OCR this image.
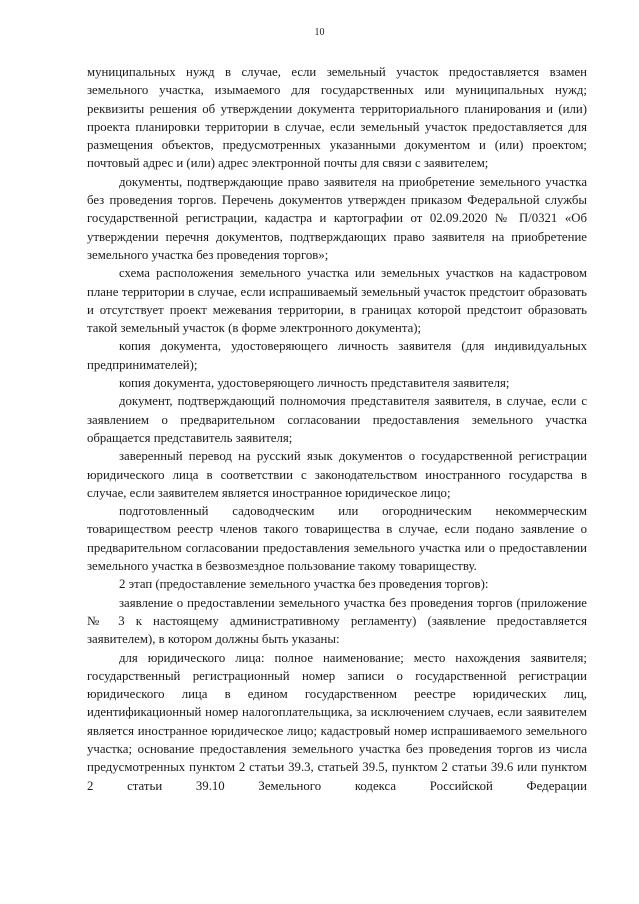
10

муниципальных нужд в случае, если земельный участок предоставляется взамен земельного участка, изымаемого для государственных или муниципальных нужд; реквизиты решения об утверждении документа территориального планирования и (или) проекта планировки территории в случае, если земельный участок предоставляется для размещения объектов, предусмотренных указанными документом и (или) проектом; почтовый адрес и (или) адрес электронной почты для связи с заявителем;

документы, подтверждающие право заявителя на приобретение земельного участка без проведения торгов. Перечень документов утвержден приказом Федеральной службы государственной регистрации, кадастра и картографии от 02.09.2020 № П/0321 «Об утверждении перечня документов, подтверждающих право заявителя на приобретение земельного участка без проведения торгов»;

схема расположения земельного участка или земельных участков на кадастровом плане территории в случае, если испрашиваемый земельный участок предстоит образовать и отсутствует проект межевания территории, в границах которой предстоит образовать такой земельный участок (в форме электронного документа);

копия документа, удостоверяющего личность заявителя (для индивидуальных предпринимателей);

копия документа, удостоверяющего личность представителя заявителя;

документ, подтверждающий полномочия представителя заявителя, в случае, если с заявлением о предварительном согласовании предоставления земельного участка обращается представитель заявителя;

заверенный перевод на русский язык документов о государственной регистрации юридического лица в соответствии с законодательством иностранного государства в случае, если заявителем является иностранное юридическое лицо;

подготовленный садоводческим или огородническим некоммерческим товариществом реестр членов такого товарищества в случае, если подано заявление о предварительном согласовании предоставления земельного участка или о предоставлении земельного участка в безвозмездное пользование такому товариществу.

2 этап (предоставление земельного участка без проведения торгов):

заявление о предоставлении земельного участка без проведения торгов (приложение № 3 к настоящему административному регламенту) (заявление предоставляется заявителем), в котором должны быть указаны:

для юридического лица: полное наименование; место нахождения заявителя; государственный регистрационный номер записи о государственной регистрации юридического лица в едином государственном реестре юридических лиц, идентификационный номер налогоплательщика, за исключением случаев, если заявителем является иностранное юридическое лицо; кадастровый номер испрашиваемого земельного участка; основание предоставления земельного участка без проведения торгов из числа предусмотренных пунктом 2 статьи 39.3, статьей 39.5, пунктом 2 статьи 39.6 или пунктом 2 статьи 39.10 Земельного кодекса Российской Федерации
